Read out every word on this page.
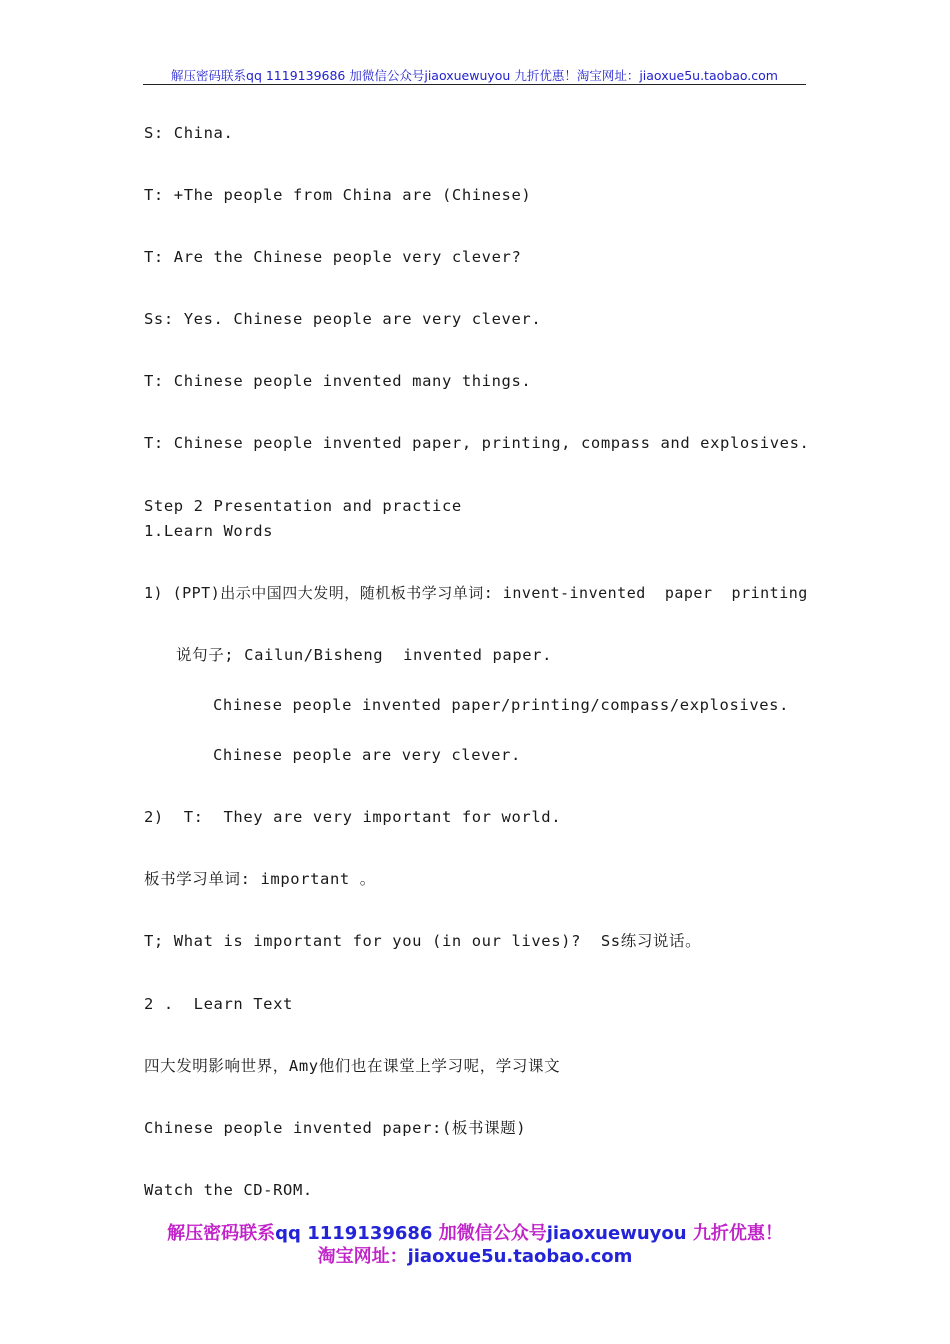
解压密码联系qq 1119139686 加微信公众号jiaoxuewuyou 九折优惠！淘宝网址：jiaoxue5u.taobao.com
S: China.
T: +The people from China are (Chinese)
T: Are the Chinese people very clever?
Ss: Yes. Chinese people are very clever.
T: Chinese people invented many things.
T: Chinese people invented paper, printing, compass and explosives.
Step 2 Presentation and practice
1.Learn Words
1) (PPT)出示中国四大发明，随机板书学习单词: invent-invented  paper  printing
说句子; Cailun/Bisheng  invented paper.
Chinese people invented paper/printing/compass/explosives.
Chinese people are very clever.
2)  T:  They are very important for world.
板书学习单词: important 。
T; What is important for you (in our lives)?  Ss练习说话。
2 .  Learn Text
四大发明影响世界，Amy他们也在课堂上学习呢，学习课文
Chinese people invented paper:(板书课题)
Watch the CD-ROM.
解压密码联系qq 1119139686 加微信公众号jiaoxuewuyou 九折优惠！
淘宝网址：jiaoxue5u.taobao.com
